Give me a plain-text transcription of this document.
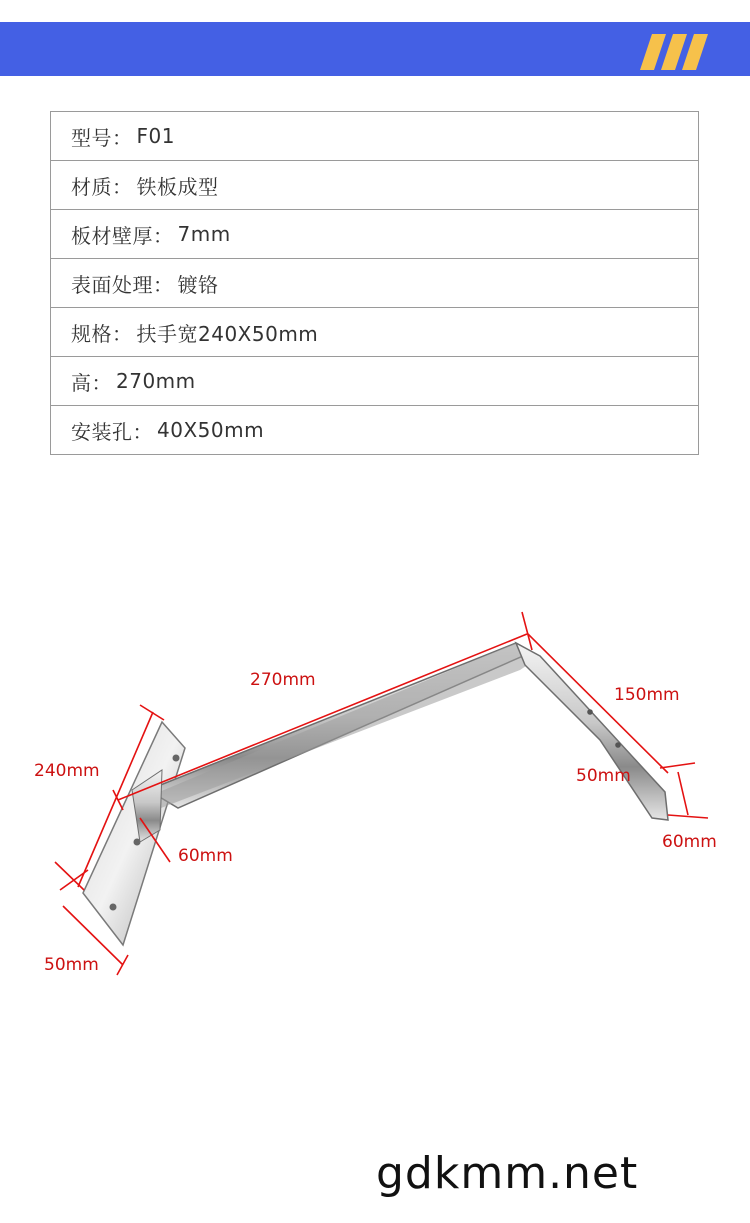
型号： F01
材质： 铁板成型
板材壁厚： 7mm
表面处理： 镀铬
规格： 扶手宽240X50mm
高： 270mm
安装孔： 40X50mm
270mm
240mm
50mm
60mm
150mm
50mm
60mm
gdkmm.net
